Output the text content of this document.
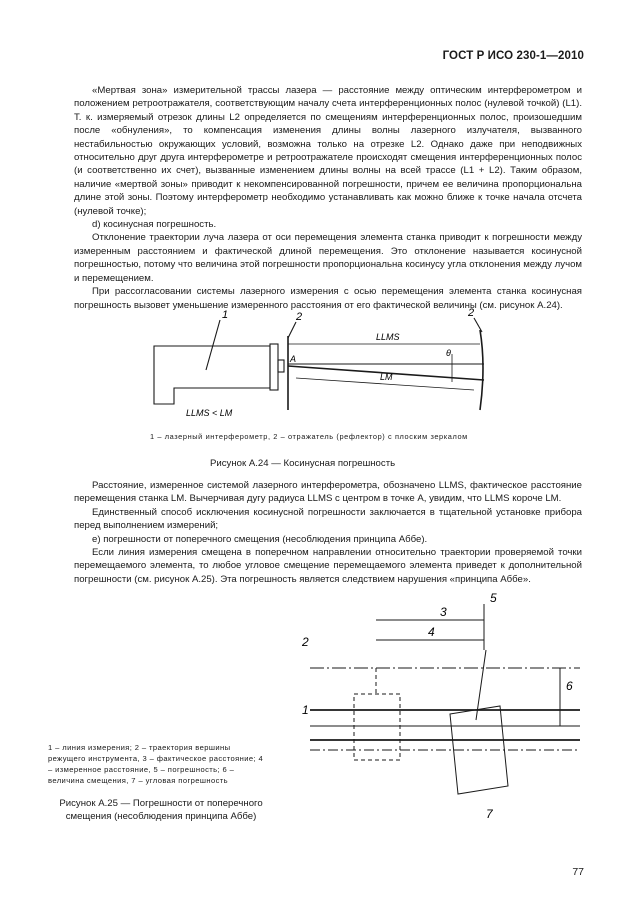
ГОСТ Р ИСО 230-1—2010

«Мертвая зона» измерительной трассы лазера — расстояние между оптическим интерферометром и положением ретроотражателя, соответствующим началу счета интерференционных полос (нулевой точкой) (L1). Т. к. измеряемый отрезок длины L2 определяется по смещениям интерференционных полос, произошедшим после «обнуления», то компенсация изменения длины волны лазерного излучателя, вызванного нестабильностью окружающих условий, возможна только на отрезке L2. Однако даже при неподвижных относительно друг друга интерферометре и ретроотражателе происходят смещения интерференционных полос (и соответственно их счет), вызванные изменением длины волны на всей трассе (L1 + L2). Таким образом, наличие «мертвой зоны» приводит к некомпенсированной погрешности, причем ее величина пропорциональна длине этой зоны. Поэтому интерферометр необходимо устанавливать как можно ближе к точке начала отсчета (нулевой точке);

d) косинусная погрешность.

Отклонение траектории луча лазера от оси перемещения элемента станка приводит к погрешности между измеренным расстоянием и фактической длиной перемещения. Это отклонение называется косинусной погрешностью, потому что величина этой погрешности пропорциональна косинусу угла отклонения между лучом и перемещением.

При рассогласовании системы лазерного измерения с осью перемещения элемента станка косинусная погрешность вызовет уменьшение измеренного расстояния от его фактической величины (см. рисунок А.24).

1	2	2
A
θ
LLMS
LM
LLMS < LM
1 – лазерный интерферометр, 2 – отражатель (рефлектор) с плоским зеркалом
Рисунок А.24 — Косинусная погрешность

Расстояние, измеренное системой лазерного интерферометра, обозначено LLMS, фактическое расстояние перемещения станка LM. Вычерчивая дугу радиуса LLMS с центром в точке A, увидим, что LLMS короче LM.

Единственный способ исключения косинусной погрешности заключается в тщательной установке прибора перед выполнением измерений;

e) погрешности от поперечного смещения (несоблюдения принципа Аббе).

Если линия измерения смещена в поперечном направлении относительно траектории проверяемой точки перемещаемого элемента, то любое угловое смещение перемещаемого элемента приведет к дополнительной погрешности (см. рисунок А.25). Эта погрешность является следствием нарушения «принципа Аббе».

2
1
3
4
5
6
7
1 – линия измерения; 2 – траектория вершины режущего инструмента, 3 – фактическое расстояние; 4 – измеренное расстояние, 5 – погрешность; 6 – величина смещения, 7 – угловая погрешность
Рисунок А.25 — Погрешности от поперечного смещения (несоблюдения принципа Аббе)
77
